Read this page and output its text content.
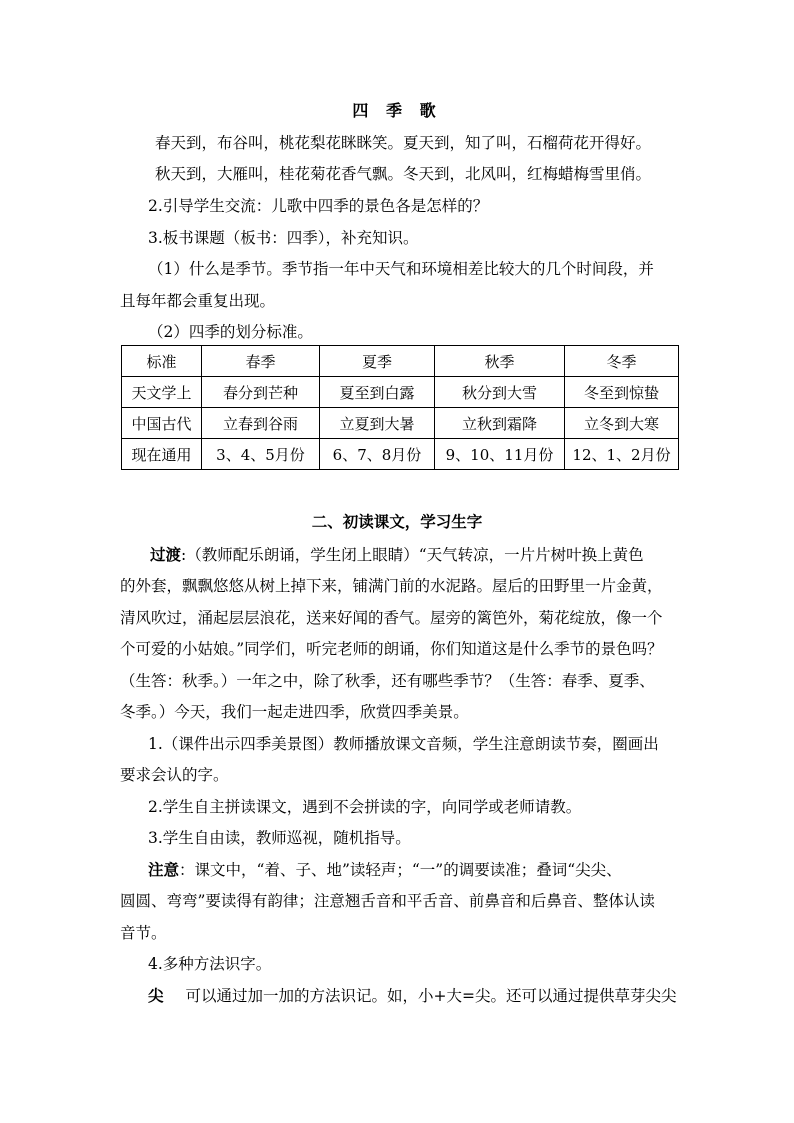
四 季 歌
春天到，布谷叫，桃花梨花眯眯笑。夏天到，知了叫，石榴荷花开得好。
秋天到，大雁叫，桂花菊花香气飘。冬天到，北风叫，红梅蜡梅雪里俏。
2.引导学生交流：儿歌中四季的景色各是怎样的？
3.板书课题（板书：四季），补充知识。
（1）什么是季节。季节指一年中天气和环境相差比较大的几个时间段，并
且每年都会重复出现。
（2）四季的划分标准。
标准	春季	夏季	秋季	冬季
天文学上	春分到芒种	夏至到白露	秋分到大雪	冬至到惊蛰
中国古代	立春到谷雨	立夏到大暑	立秋到霜降	立冬到大寒
现在通用	3、4、5月份	6、7、8月份	9、10、11月份	12、1、2月份
二、初读课文，学习生字
过渡:（教师配乐朗诵，学生闭上眼睛）“天气转凉，一片片树叶换上黄色
的外套，飘飘悠悠从树上掉下来，铺满门前的水泥路。屋后的田野里一片金黄，
清风吹过，涌起层层浪花，送来好闻的香气。屋旁的篱笆外，菊花绽放，像一个
个可爱的小姑娘。”同学们，听完老师的朗诵，你们知道这是什么季节的景色吗？
（生答：秋季。）一年之中，除了秋季，还有哪些季节？（生答：春季、夏季、
冬季。）今天，我们一起走进四季，欣赏四季美景。
1.（课件出示四季美景图）教师播放课文音频，学生注意朗读节奏，圈画出
要求会认的字。
2.学生自主拼读课文，遇到不会拼读的字，向同学或老师请教。
3.学生自由读，教师巡视，随机指导。
注意：课文中，“着、子、地”读轻声；“一”的调要读准；叠词“尖尖、
圆圆、弯弯”要读得有韵律；注意翘舌音和平舌音、前鼻音和后鼻音、整体认读
音节。
4.多种方法识字。
尖 可以通过加一加的方法识记。如，小+大=尖。还可以通过提供草芽尖尖
